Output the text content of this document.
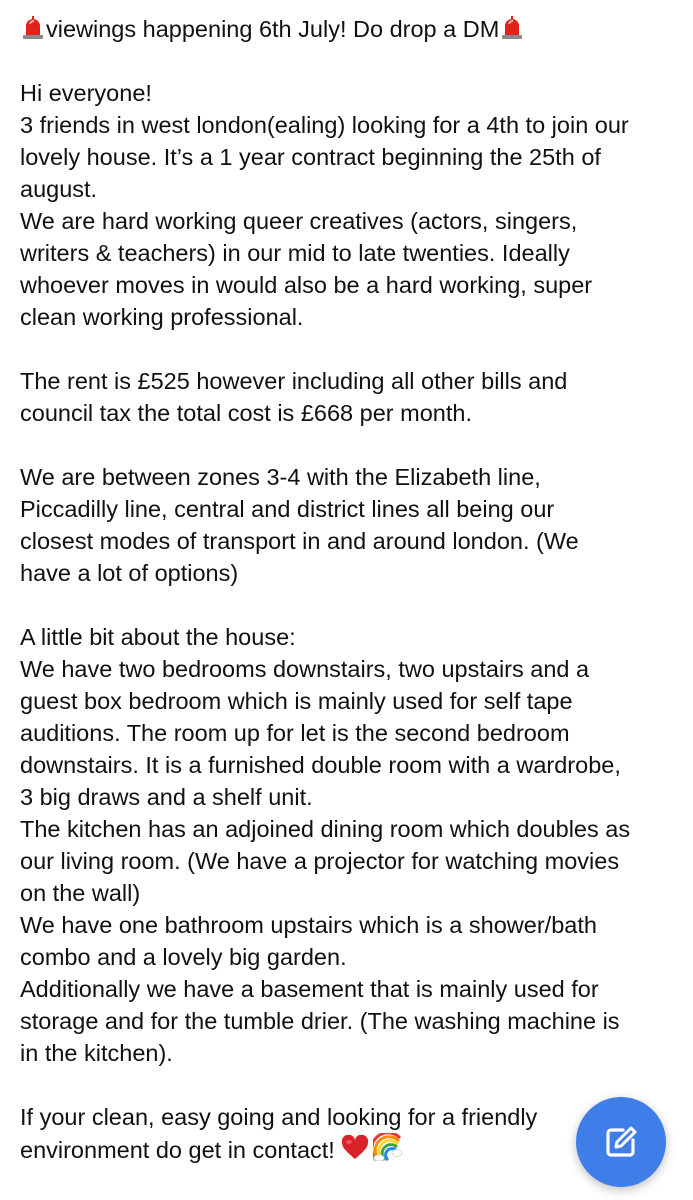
viewings happening 6th July! Do drop a DM
Hi everyone!
3 friends in west london(ealing) looking for a 4th to join our
lovely house. It’s a 1 year contract beginning the 25th of
august.
We are hard working queer creatives (actors, singers,
writers & teachers) in our mid to late twenties. Ideally
whoever moves in would also be a hard working, super
clean working professional.
The rent is £525 however including all other bills and
council tax the total cost is £668 per month.
We are between zones 3-4 with the Elizabeth line,
Piccadilly line, central and district lines all being our
closest modes of transport in and around london. (We
have a lot of options)
A little bit about the house:
We have two bedrooms downstairs, two upstairs and a
guest box bedroom which is mainly used for self tape
auditions. The room up for let is the second bedroom
downstairs. It is a furnished double room with a wardrobe,
3 big draws and a shelf unit.
The kitchen has an adjoined dining room which doubles as
our living room. (We have a projector for watching movies
on the wall)
We have one bathroom upstairs which is a shower/bath
combo and a lovely big garden.
Additionally we have a basement that is mainly used for
storage and for the tumble drier. (The washing machine is
in the kitchen).
If your clean, easy going and looking for a friendly
environment do get in contact!
